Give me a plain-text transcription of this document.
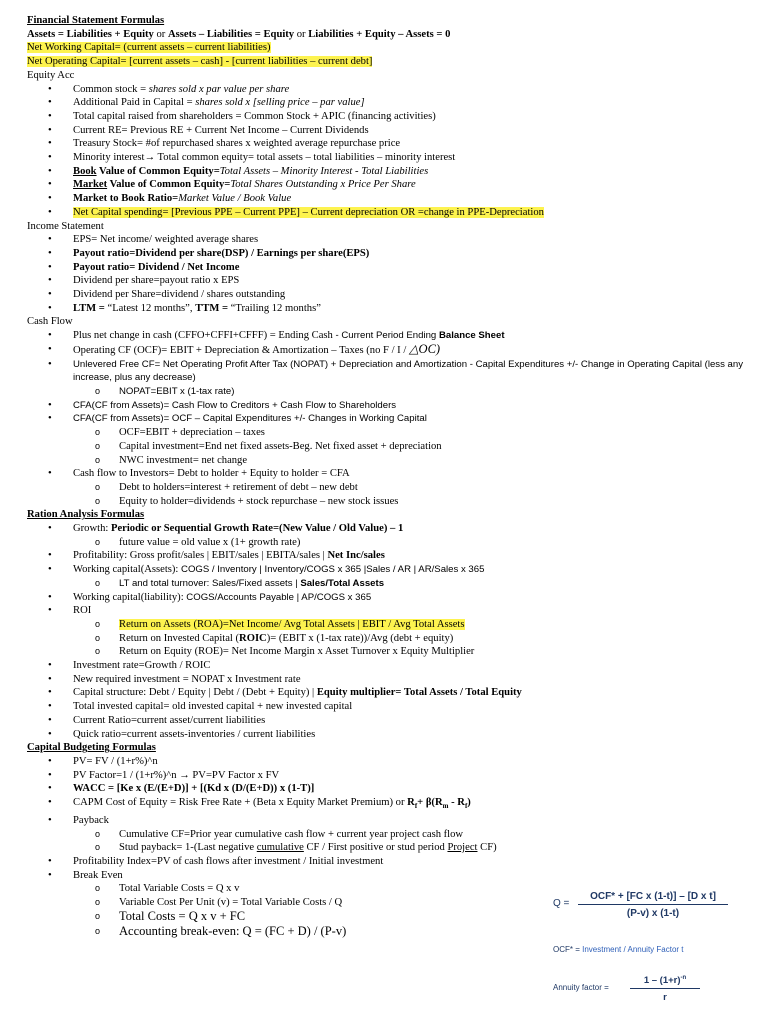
Financial Statement Formulas
Assets = Liabilities + Equity or Assets – Liabilities = Equity or Liabilities + Equity – Assets = 0
Net Working Capital= (current assets – current liabilities)
Net Operating Capital= [current assets – cash] - [current liabilities – current debt]
Equity Acc
• Common stock = shares sold x par value per share
• Additional Paid in Capital = shares sold x [selling price – par value]
• Total capital raised from shareholders = Common Stock + APIC (financing activities)
• Current RE= Previous RE + Current Net Income – Current Dividends
• Treasury Stock= #of repurchased shares x weighted average repurchase price
• Minority interest→ Total common equity= total assets – total liabilities – minority interest
• Book Value of Common Equity=Total Assets – Minority Interest - Total Liabilities
• Market Value of Common Equity=Total Shares Outstanding x Price Per Share
• Market to Book Ratio=Market Value / Book Value
• Net Capital spending= [Previous PPE – Current PPE] – Current depreciation OR =change in PPE-Depreciation
Income Statement
• EPS= Net income/ weighted average shares
• Payout ratio=Dividend per share(DSP) / Earnings per share(EPS)
• Payout ratio= Dividend / Net Income
• Dividend per share=payout ratio x EPS
• Dividend per Share=dividend / shares outstanding
• LTM = “Latest 12 months”, TTM = “Trailing 12 months”
Cash Flow
• Plus net change in cash (CFFO+CFFI+CFFF) = Ending Cash - Current Period Ending Balance Sheet
• Operating CF (OCF)= EBIT + Depreciation & Amortization – Taxes (no F / I / △OC)
• Unlevered Free CF= Net Operating Profit After Tax (NOPAT) + Depreciation and Amortization - Capital Expenditures +/- Change in Operating Capital (less any increase, plus any decrease)
o NOPAT=EBIT x (1-tax rate)
• CFA(CF from Assets)= Cash Flow to Creditors + Cash Flow to Shareholders
• CFA(CF from Assets)= OCF – Capital Expenditures +/- Changes in Working Capital
o OCF=EBIT + depreciation – taxes
o Capital investment=End net fixed assets-Beg. Net fixed asset + depreciation
o NWC investment= net change
• Cash flow to Investors= Debt to holder + Equity to holder = CFA
o Debt to holders=interest + retirement of debt – new debt
o Equity to holder=dividends + stock repurchase – new stock issues
Ration Analysis Formulas
• Growth: Periodic or Sequential Growth Rate=(New Value / Old Value) – 1
o future value = old value x (1+ growth rate)
• Profitability: Gross profit/sales | EBIT/sales | EBITA/sales | Net Inc/sales
• Working capital(Assets): COGS / Inventory | Inventory/COGS x 365 |Sales / AR | AR/Sales x 365
o LT and total turnover: Sales/Fixed assets | Sales/Total Assets
• Working capital(liability): COGS/Accounts Payable | AP/COGS x 365
• ROI
o Return on Assets (ROA)=Net Income/ Avg Total Assets | EBIT / Avg Total Assets
o Return on Invested Capital (ROIC)= (EBIT x (1-tax rate))/Avg (debt + equity)
o Return on Equity (ROE)= Net Income Margin x Asset Turnover x Equity Multiplier
• Investment rate=Growth / ROIC
• New required investment = NOPAT x Investment rate
• Capital structure: Debt / Equity | Debt / (Debt + Equity) | Equity multiplier= Total Assets / Total Equity
• Total invested capital= old invested capital + new invested capital
• Current Ratio=current asset/current liabilities
• Quick ratio=current assets-inventories / current liabilities
Capital Budgeting Formulas
• PV= FV / (1+r%)^n
• PV Factor=1 / (1+r%)^n → PV=PV Factor x FV
• WACC = [Ke x (E/(E+D)] + [(Kd x (D/(E+D)) x (1-T)]
• CAPM Cost of Equity = Risk Free Rate + (Beta x Equity Market Premium) or $R_f+ \beta(R_m - R_f)$
• Payback
o Cumulative CF=Prior year cumulative cash flow + current year project cash flow
o Stud payback= 1-(Last negative cumulative CF / First positive or stud period Project CF)
• Profitability Index=PV of cash flows after investment / Initial investment
• Break Even
o Total Variable Costs = Q x v
o Variable Cost Per Unit (v) = Total Variable Costs / Q
o Total Costs = Q x v + FC
o Accounting break-even: Q = (FC + D) / (P-v)
Q =
OCF* + [FC x (1-t)] – [D x t]
(P-v) x (1-t)
OCF* = Investment / Annuity Factor t
Annuity factor = $\frac{1 - (1+r)^{-n}}{r}$
